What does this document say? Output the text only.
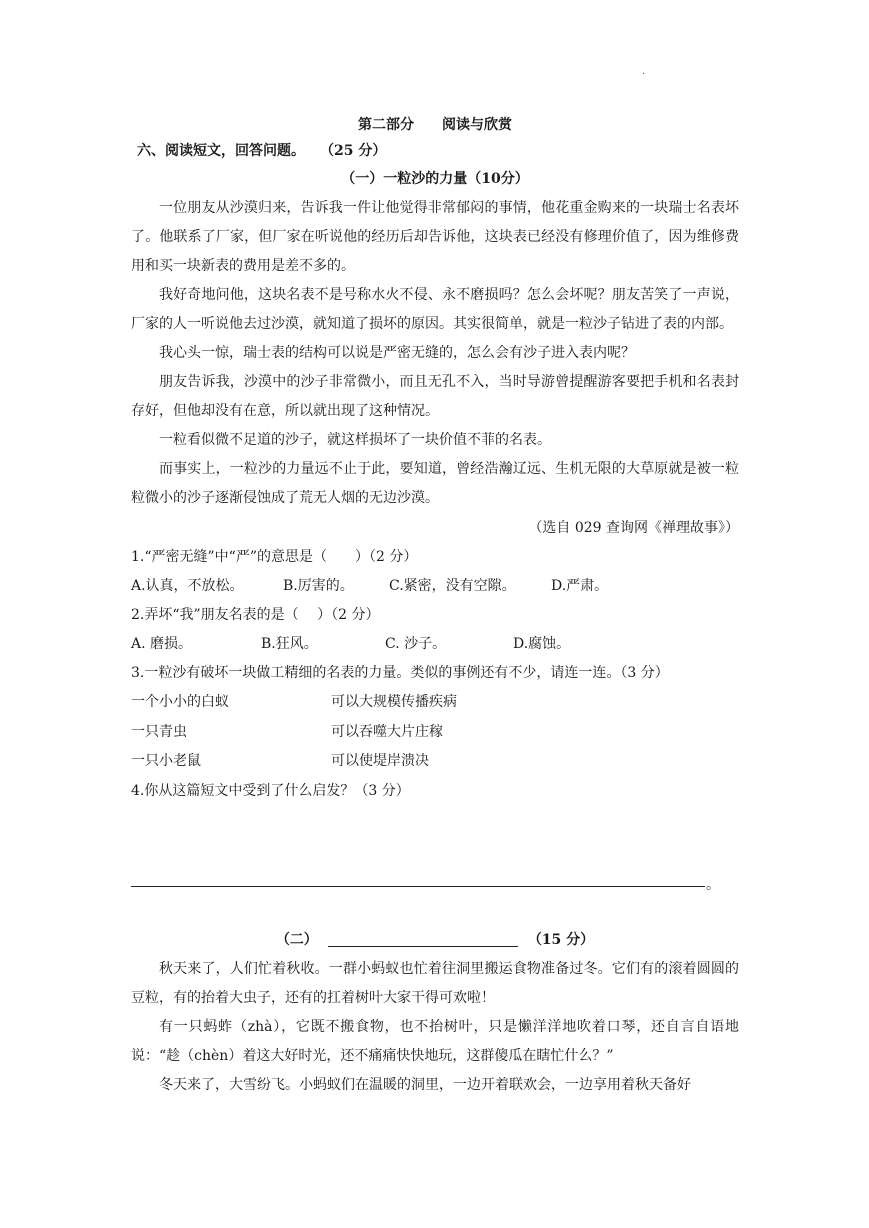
.
第二部分 阅读与欣赏
六、阅读短文，回答问题。 （25 分）
（一）一粒沙的力量（10分）

一位朋友从沙漠归来，告诉我一件让他觉得非常郁闷的事情，他花重金购来的一块瑞士名表坏了。他联系了厂家，但厂家在听说他的经历后却告诉他，这块表已经没有修理价值了，因为维修费用和买一块新表的费用是差不多的。

我好奇地问他，这块名表不是号称水火不侵、永不磨损吗？怎么会坏呢？朋友苦笑了一声说，厂家的人一听说他去过沙漠，就知道了损坏的原因。其实很简单，就是一粒沙子钻进了表的内部。

我心头一惊，瑞士表的结构可以说是严密无缝的，怎么会有沙子进入表内呢？

朋友告诉我，沙漠中的沙子非常微小，而且无孔不入，当时导游曾提醒游客要把手机和名表封存好，但他却没有在意，所以就出现了这种情况。

一粒看似微不足道的沙子，就这样损坏了一块价值不菲的名表。

而事实上，一粒沙的力量远不止于此，要知道，曾经浩瀚辽远、生机无限的大草原就是被一粒粒微小的沙子逐渐侵蚀成了荒无人烟的无边沙漠。

（选自 029 查询网《禅理故事》）
1.“严密无缝”中“严”的意思是（　　）（2 分）
A.认真，不放松。	B.厉害的。	C.紧密，没有空隙。	D.严肃。
2.弄坏“我”朋友名表的是（　 ）（2 分）
A. 磨损。	B.狂风。	C. 沙子。	D.腐蚀。
3.一粒沙有破坏一块做工精细的名表的力量。类似的事例还有不少，请连一连。（3 分）
一个小小的白蚁	可以大规模传播疾病
一只青虫	可以吞噬大片庄稼
一只小老鼠	可以使堤岸溃决
4.你从这篇短文中受到了什么启发？（3 分）
。
（二）	（15 分）

秋天来了，人们忙着秋收。一群小蚂蚁也忙着往洞里搬运食物准备过冬。它们有的滚着圆圆的豆粒，有的抬着大虫子，还有的扛着树叶大家干得可欢啦！

有一只蚂蚱（zhà），它既不搬食物，也不抬树叶，只是懒洋洋地吹着口琴，还自言自语地说：“趁（chèn）着这大好时光，还不痛痛快快地玩，这群傻瓜在瞎忙什么？”

冬天来了，大雪纷飞。小蚂蚁们在温暖的洞里，一边开着联欢会，一边享用着秋天备好
